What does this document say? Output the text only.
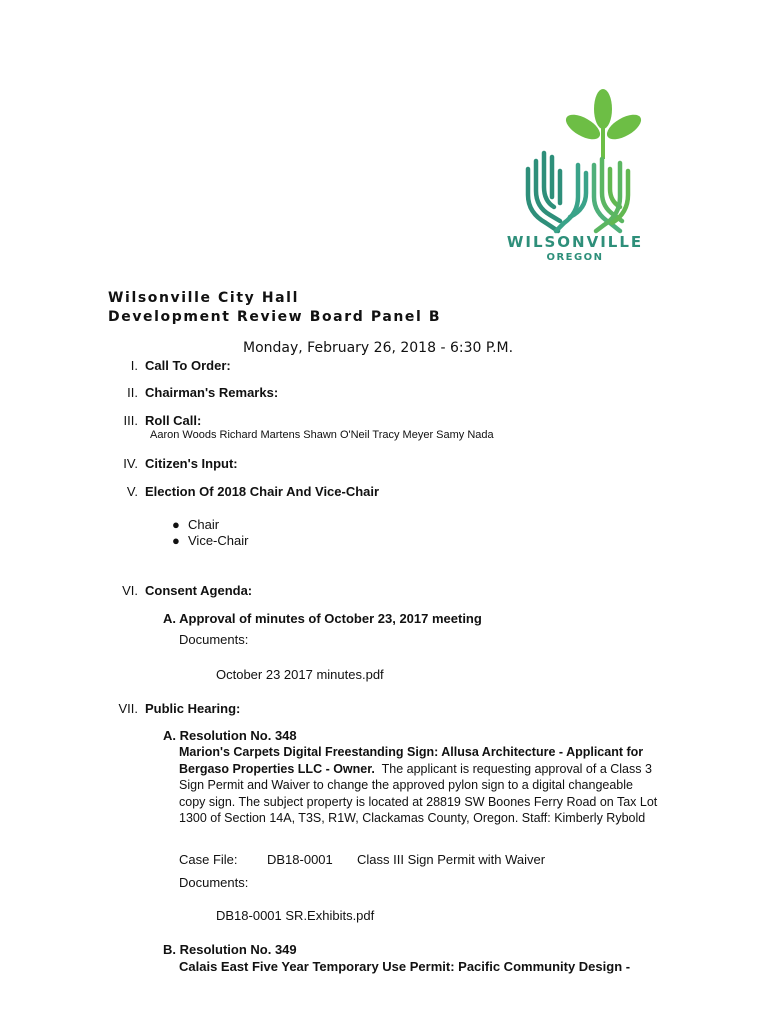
WILSONVILLE
OREGON
Wilsonville City Hall
Development Review Board Panel B
Monday, February 26, 2018 - 6:30 P.M.
I. Call To Order:
II. Chairman's Remarks:
III. Roll Call:
Aaron Woods Richard Martens Shawn O'Neil Tracy Meyer Samy Nada
IV. Citizen's Input:
V. Election Of 2018 Chair And Vice-Chair
● Chair
● Vice-Chair
VI. Consent Agenda:
A. Approval of minutes of October 23, 2017 meeting
Documents:
October 23 2017 minutes.pdf
VII. Public Hearing:
A. Resolution No. 348
Marion's Carpets Digital Freestanding Sign: Allusa Architecture - Applicant for Bergaso Properties LLC - Owner. The applicant is requesting approval of a Class 3 Sign Permit and Waiver to change the approved pylon sign to a digital changeable copy sign. The subject property is located at 28819 SW Boones Ferry Road on Tax Lot 1300 of Section 14A, T3S, R1W, Clackamas County, Oregon. Staff: Kimberly Rybold
Case File: DB18-0001 Class III Sign Permit with Waiver
Documents:
DB18-0001 SR.Exhibits.pdf
B. Resolution No. 349
Calais East Five Year Temporary Use Permit: Pacific Community Design -
